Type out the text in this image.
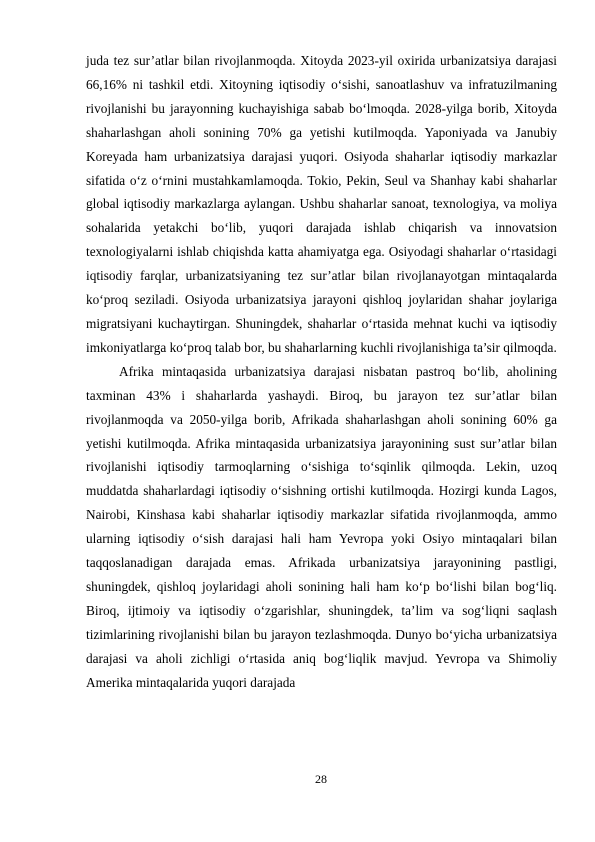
juda tez sur’atlar bilan rivojlanmoqda. Xitoyda 2023-yil oxirida urbanizatsiya darajasi 66,16% ni tashkil etdi. Xitoyning iqtisodiy o‘sishi, sanoatlashuv va infratuzilmaning rivojlanishi bu jarayonning kuchayishiga sabab bo‘lmoqda. 2028-yilga borib, Xitoyda shaharlashgan aholi sonining 70% ga yetishi kutilmoqda. Yaponiyada va Janubiy Koreyada ham urbanizatsiya darajasi yuqori. Osiyoda shaharlar iqtisodiy markazlar sifatida o‘z o‘rnini mustahkamlamoqda. Tokio, Pekin, Seul va Shanhay kabi shaharlar global iqtisodiy markazlarga aylangan. Ushbu shaharlar sanoat, texnologiya, va moliya sohalarida yetakchi bo‘lib, yuqori darajada ishlab chiqarish va innovatsion texnologiyalarni ishlab chiqishda katta ahamiyatga ega. Osiyodagi shaharlar o‘rtasidagi iqtisodiy farqlar, urbanizatsiyaning tez sur’atlar bilan rivojlanayotgan mintaqalarda ko‘proq seziladi. Osiyoda urbanizatsiya jarayoni qishloq joylaridan shahar joylariga migratsiyani kuchaytirgan. Shuningdek, shaharlar o‘rtasida mehnat kuchi va iqtisodiy imkoniyatlarga ko‘proq talab bor, bu shaharlarning kuchli rivojlanishiga ta’sir qilmoqda.

Afrika mintaqasida urbanizatsiya darajasi nisbatan pastroq bo‘lib, aholining taxminan 43% i shaharlarda yashaydi. Biroq, bu jarayon tez sur’atlar bilan rivojlanmoqda va 2050-yilga borib, Afrikada shaharlashgan aholi sonining 60% ga yetishi kutilmoqda. Afrika mintaqasida urbanizatsiya jarayonining sust sur’atlar bilan rivojlanishi iqtisodiy tarmoqlarning o‘sishiga to‘sqinlik qilmoqda. Lekin, uzoq muddatda shaharlardagi iqtisodiy o‘sishning ortishi kutilmoqda. Hozirgi kunda Lagos, Nairobi, Kinshasa kabi shaharlar iqtisodiy markazlar sifatida rivojlanmoqda, ammo ularning iqtisodiy o‘sish darajasi hali ham Yevropa yoki Osiyo mintaqalari bilan taqqoslanadigan darajada emas. Afrikada urbanizatsiya jarayonining pastligi, shuningdek, qishloq joylaridagi aholi sonining hali ham ko‘p bo‘lishi bilan bog‘liq. Biroq, ijtimoiy va iqtisodiy o‘zgarishlar, shuningdek, ta’lim va sog‘liqni saqlash tizimlarining rivojlanishi bilan bu jarayon tezlashmoqda. Dunyo bo‘yicha urbanizatsiya darajasi va aholi zichligi o‘rtasida aniq bog‘liqlik mavjud. Yevropa va Shimoliy Amerika mintaqalarida yuqori darajada

28
